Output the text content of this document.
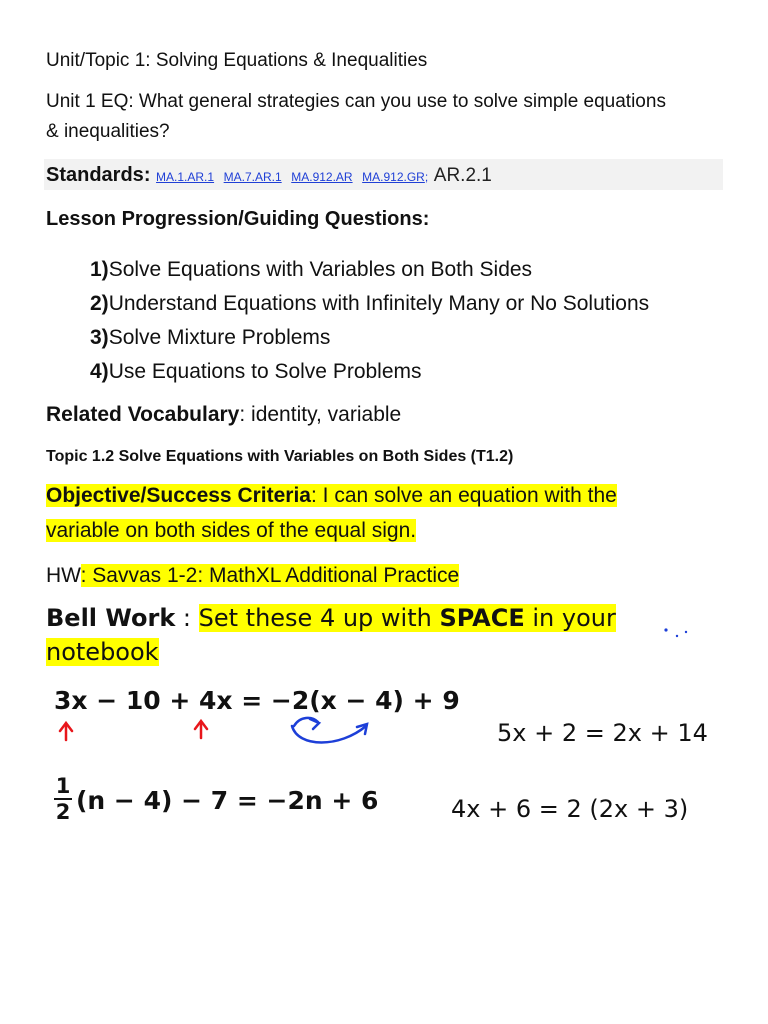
Unit/Topic 1: Solving Equations & Inequalities
Unit 1 EQ: What general strategies can you use to solve simple equations
& inequalities?
Standards: MA.1.AR.1 MA.7.AR.1 MA.912.AR MA.912.GR; AR.2.1
Lesson Progression/Guiding Questions:
1)Solve Equations with Variables on Both Sides
2)Understand Equations with Infinitely Many or No Solutions
3)Solve Mixture Problems
4)Use Equations to Solve Problems
Related Vocabulary: identity, variable
Topic 1.2 Solve Equations with Variables on Both Sides (T1.2)
Objective/Success Criteria: I can solve an equation with the
variable on both sides of the equal sign.
HW: Savvas 1-2: MathXL Additional Practice
Bell Work : Set these 4 up with SPACE in your
notebook
3x − 10 + 4x = −2(x − 4) + 9
1
2 (n − 4) − 7 = −2n + 6
5x + 2 = 2x + 14
4x + 6 = 2 (2x + 3)
